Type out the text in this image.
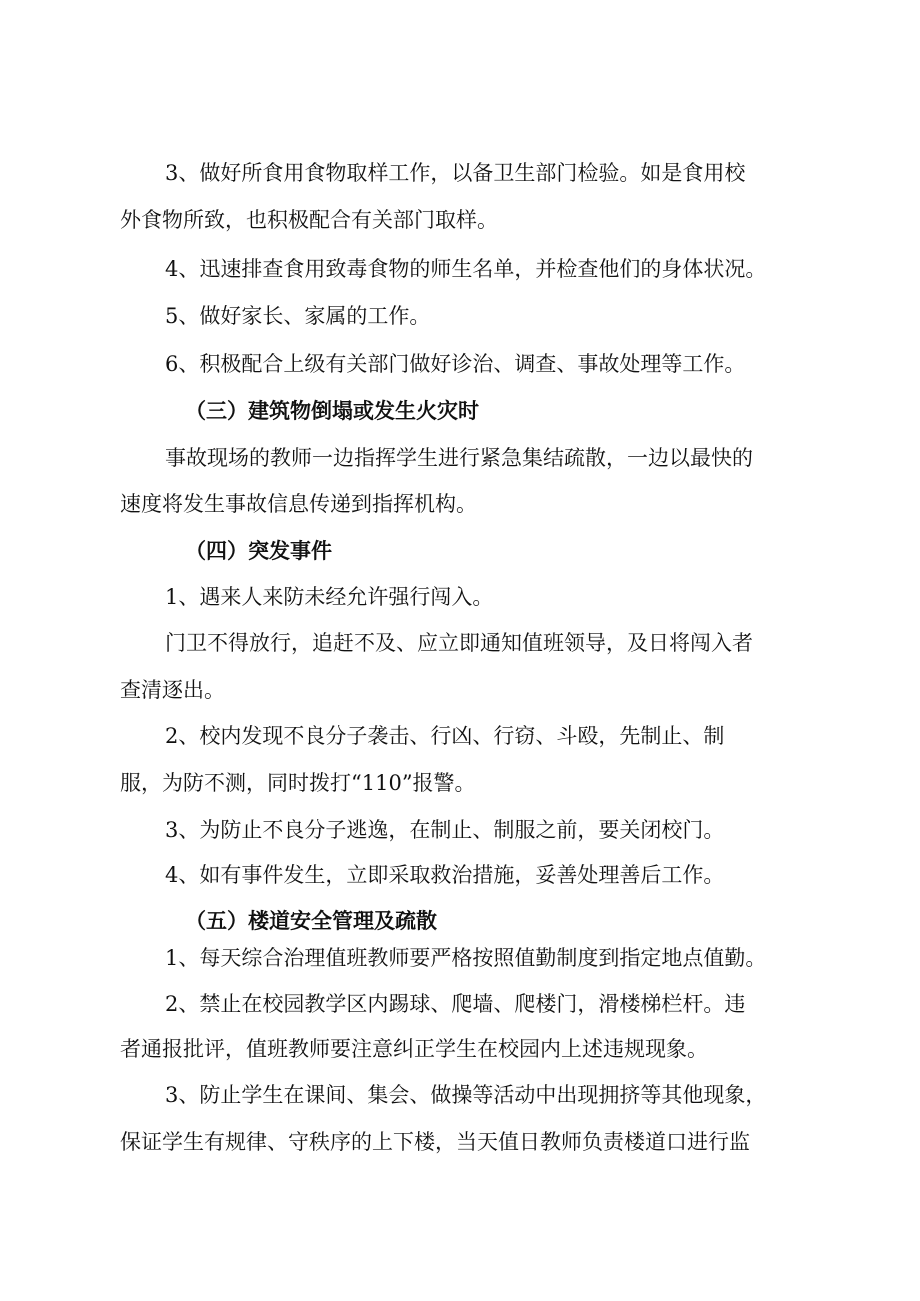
3、做好所食用食物取样工作，以备卫生部门检验。如是食用校
外食物所致，也积极配合有关部门取样。
4、迅速排查食用致毒食物的师生名单，并检查他们的身体状况。
5、做好家长、家属的工作。
6、积极配合上级有关部门做好诊治、调查、事故处理等工作。
（三）建筑物倒塌或发生火灾时
事故现场的教师一边指挥学生进行紧急集结疏散，一边以最快的
速度将发生事故信息传递到指挥机构。
（四）突发事件
1、遇来人来防未经允许强行闯入。
门卫不得放行，追赶不及、应立即通知值班领导，及日将闯入者
查清逐出。
2、校内发现不良分子袭击、行凶、行窃、斗殴，先制止、制
服，为防不测，同时拨打“110”报警。
3、为防止不良分子逃逸，在制止、制服之前，要关闭校门。
4、如有事件发生，立即采取救治措施，妥善处理善后工作。
（五）楼道安全管理及疏散
1、每天综合治理值班教师要严格按照值勤制度到指定地点值勤。
2、禁止在校园教学区内踢球、爬墙、爬楼门，滑楼梯栏杆。违
者通报批评，值班教师要注意纠正学生在校园内上述违规现象。
3、防止学生在课间、集会、做操等活动中出现拥挤等其他现象，
保证学生有规律、守秩序的上下楼，当天值日教师负责楼道口进行监
